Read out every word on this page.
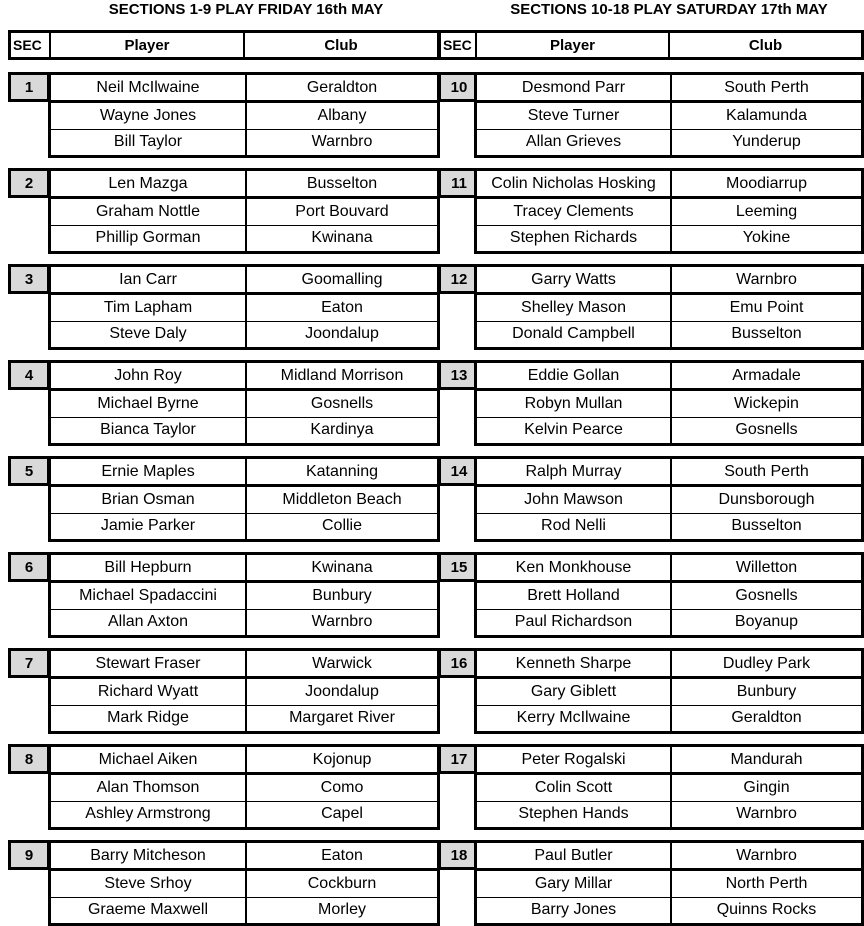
SECTIONS 1-9 PLAY FRIDAY 16th MAY	SECTIONS 10-18 PLAY SATURDAY 17th MAY
SEC	Player	Club	SEC	Player	Club
1	Neil McIlwaine	Geraldton
Wayne Jones	Albany
Bill Taylor	Warnbro
2	Len Mazga	Busselton
Graham Nottle	Port Bouvard
Phillip Gorman	Kwinana
3	Ian Carr	Goomalling
Tim Lapham	Eaton
Steve Daly	Joondalup
4	John Roy	Midland Morrison
Michael Byrne	Gosnells
Bianca Taylor	Kardinya
5	Ernie Maples	Katanning
Brian Osman	Middleton Beach
Jamie Parker	Collie
6	Bill Hepburn	Kwinana
Michael Spadaccini	Bunbury
Allan Axton	Warnbro
7	Stewart Fraser	Warwick
Richard Wyatt	Joondalup
Mark Ridge	Margaret River
8	Michael Aiken	Kojonup
Alan Thomson	Como
Ashley Armstrong	Capel
9	Barry Mitcheson	Eaton
Steve Srhoy	Cockburn
Graeme Maxwell	Morley
10	Desmond Parr	South Perth
Steve Turner	Kalamunda
Allan Grieves	Yunderup
11	Colin Nicholas Hosking	Moodiarrup
Tracey Clements	Leeming
Stephen Richards	Yokine
12	Garry Watts	Warnbro
Shelley Mason	Emu Point
Donald Campbell	Busselton
13	Eddie Gollan	Armadale
Robyn Mullan	Wickepin
Kelvin Pearce	Gosnells
14	Ralph Murray	South Perth
John Mawson	Dunsborough
Rod Nelli	Busselton
15	Ken Monkhouse	Willetton
Brett Holland	Gosnells
Paul Richardson	Boyanup
16	Kenneth Sharpe	Dudley Park
Gary Giblett	Bunbury
Kerry McIlwaine	Geraldton
17	Peter Rogalski	Mandurah
Colin Scott	Gingin
Stephen Hands	Warnbro
18	Paul Butler	Warnbro
Gary Millar	North Perth
Barry Jones	Quinns Rocks
